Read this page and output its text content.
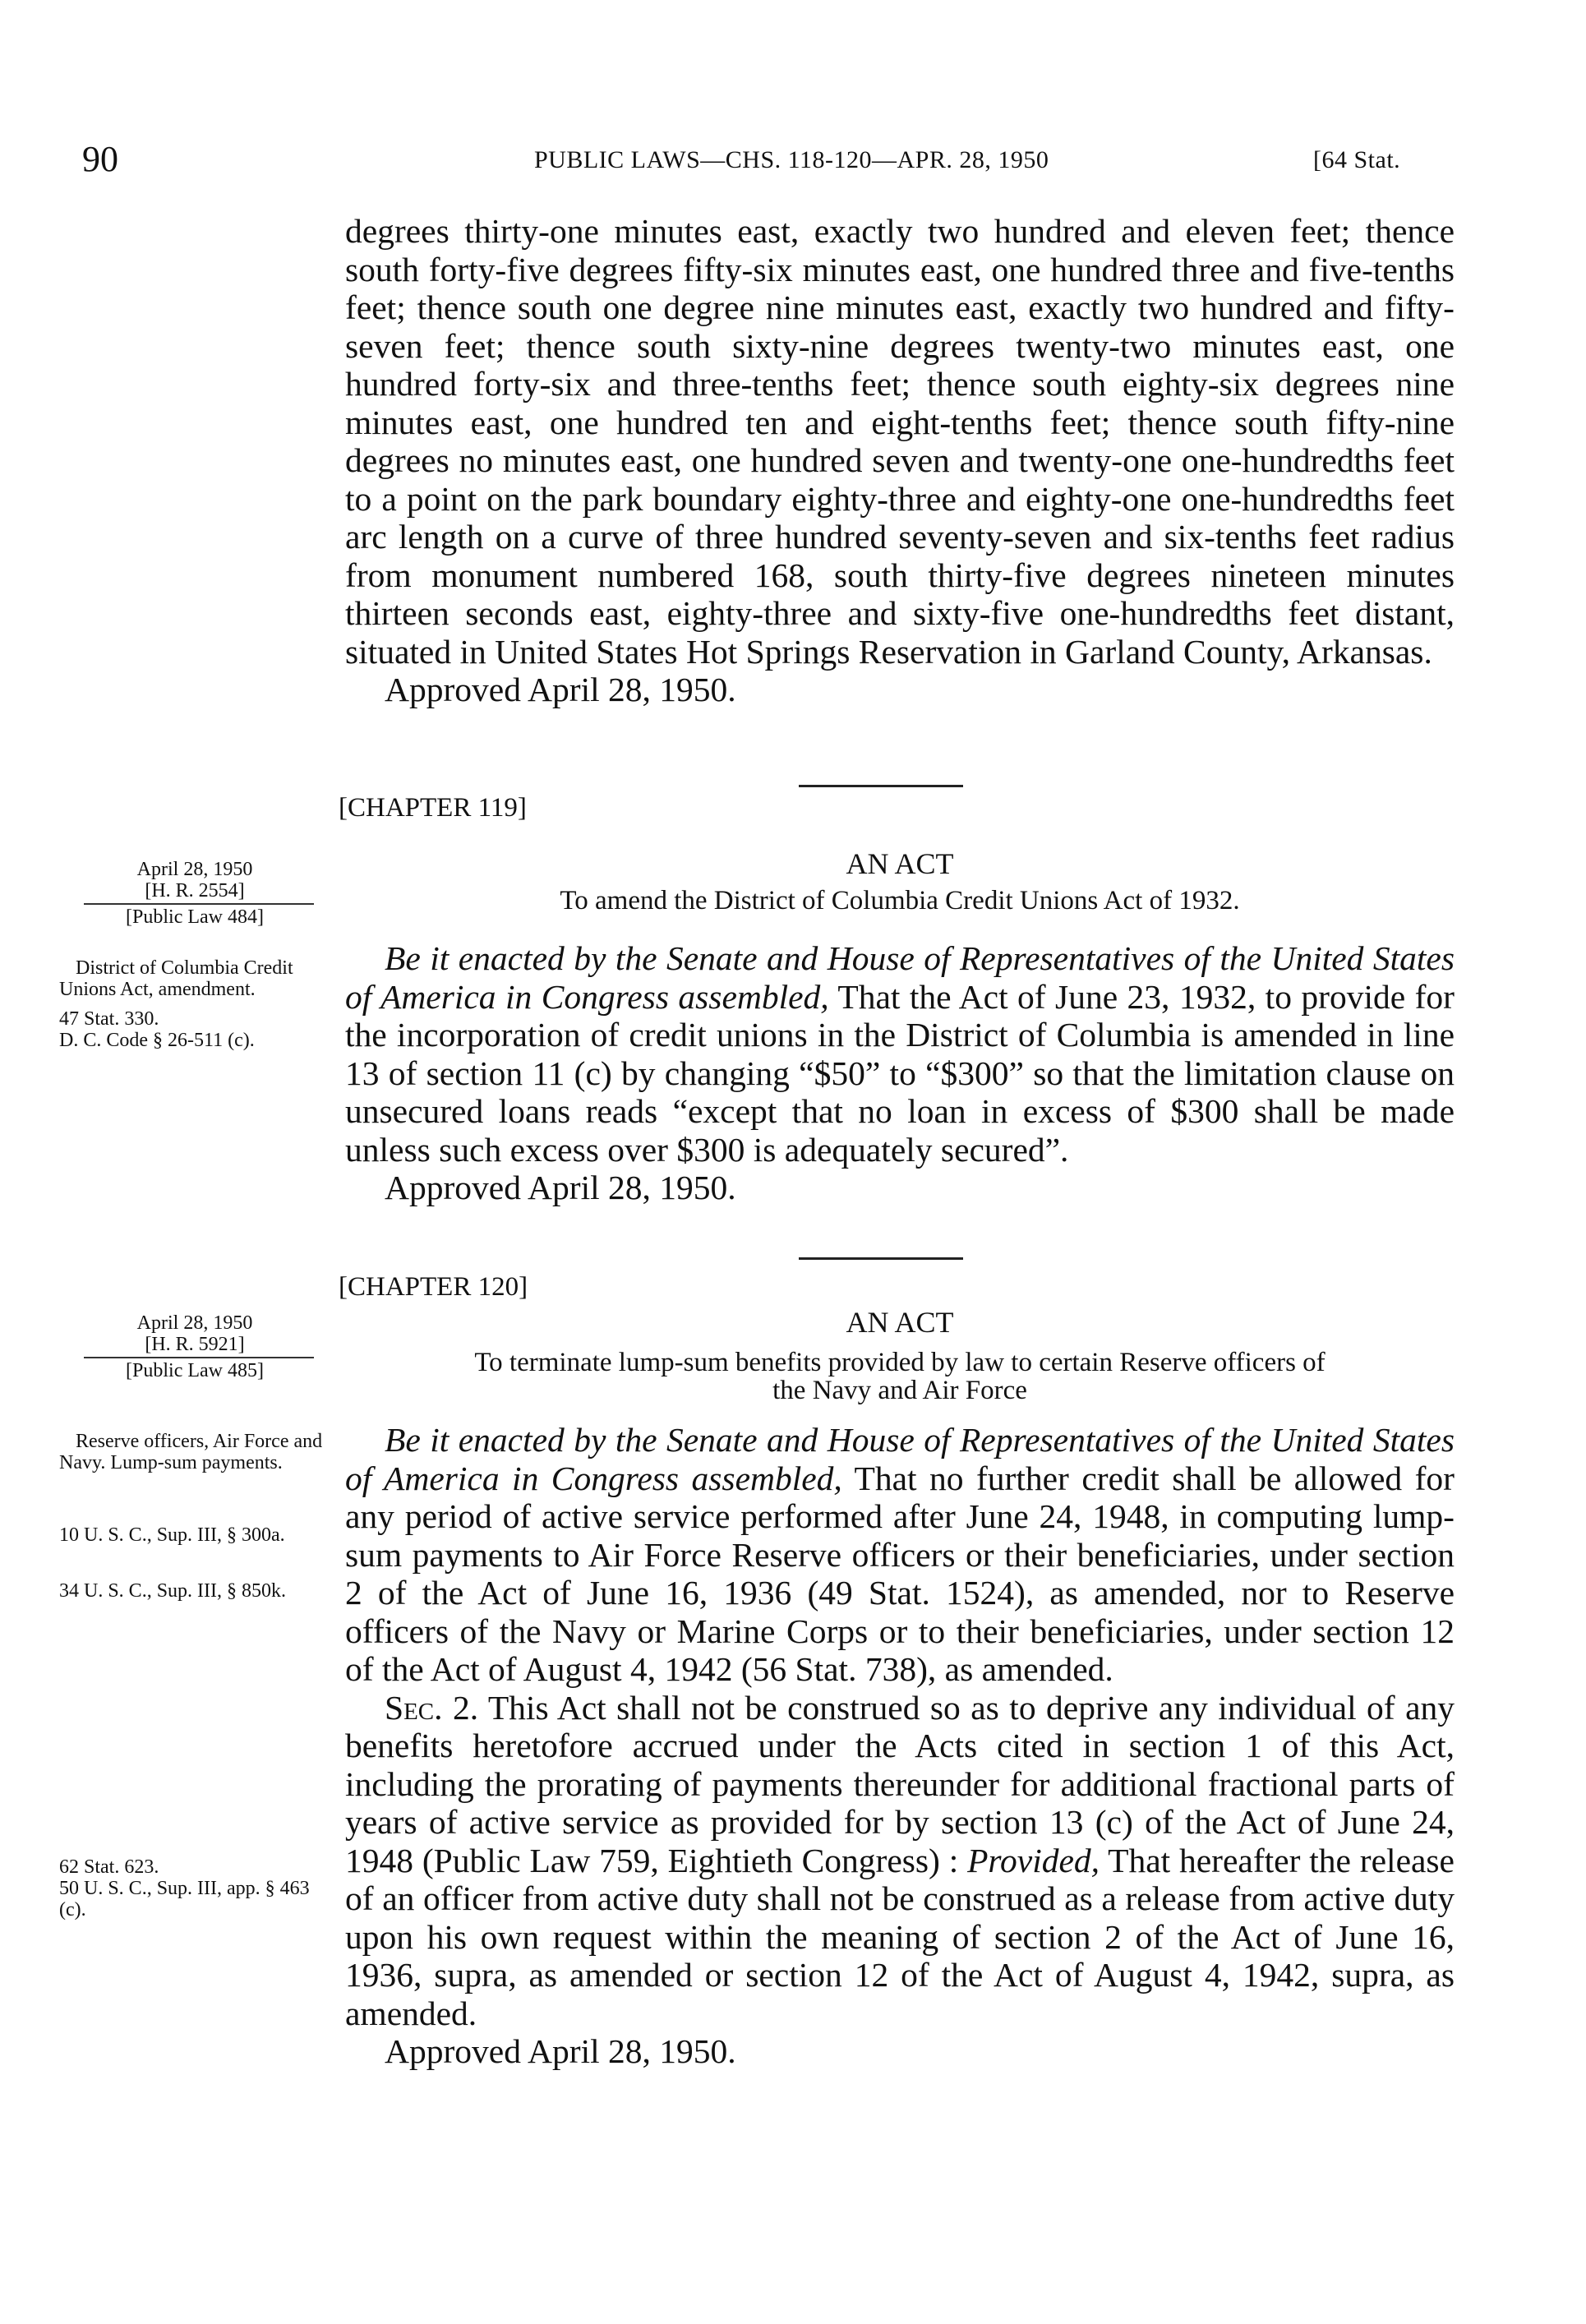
90	PUBLIC LAWS—CHS. 118-120—APR. 28, 1950	[64 Stat.

degrees thirty-one minutes east, exactly two hundred and eleven feet; thence south forty-five degrees fifty-six minutes east, one hundred three and five-tenths feet; thence south one degree nine minutes east, exactly two hundred and fifty-seven feet; thence south sixty-nine degrees twenty-two minutes east, one hundred forty-six and three-tenths feet; thence south eighty-six degrees nine minutes east, one hundred ten and eight-tenths feet; thence south fifty-nine degrees no minutes east, one hundred seven and twenty-one one-hundredths feet to a point on the park boundary eighty-three and eighty-one one-hundredths feet arc length on a curve of three hundred seventy-seven and six-tenths feet radius from monument numbered 168, south thirty-five degrees nineteen minutes thirteen seconds east, eighty-three and sixty-five one-hundredths feet distant, situated in United States Hot Springs Reservation in Garland County, Arkansas.

Approved April 28, 1950.

[CHAPTER 119]
AN ACT
To amend the District of Columbia Credit Unions Act of 1932.

April 28, 1950

[H. R. 2554]

[Public Law 484]

District of Columbia Credit Unions Act, amendment.

47 Stat. 330.

D. C. Code § 26-511 (c).

Be it enacted by the Senate and House of Representatives of the United States of America in Congress assembled, That the Act of June 23, 1932, to provide for the incorporation of credit unions in the District of Columbia is amended in line 13 of section 11 (c) by changing “$50” to “$300” so that the limitation clause on unsecured loans reads “except that no loan in excess of $300 shall be made unless such excess over $300 is adequately secured”.

Approved April 28, 1950.

[CHAPTER 120]
AN ACT
To terminate lump-sum benefits provided by law to certain Reserve officers of
the Navy and Air Force

April 28, 1950

[H. R. 5921]

[Public Law 485]

Reserve officers, Air Force and Navy. Lump-sum payments.

10 U. S. C., Sup. III, § 300a.

34 U. S. C., Sup. III, § 850k.

62 Stat. 623.

50 U. S. C., Sup. III, app. § 463 (c).

Be it enacted by the Senate and House of Representatives of the United States of America in Congress assembled, That no further credit shall be allowed for any period of active service performed after June 24, 1948, in computing lump-sum payments to Air Force Reserve officers or their beneficiaries, under section 2 of the Act of June 16, 1936 (49 Stat. 1524), as amended, nor to Reserve officers of the Navy or Marine Corps or to their beneficiaries, under section 12 of the Act of August 4, 1942 (56 Stat. 738), as amended.

Sec. 2. This Act shall not be construed so as to deprive any individual of any benefits heretofore accrued under the Acts cited in section 1 of this Act, including the prorating of payments thereunder for additional fractional parts of years of active service as provided for by section 13 (c) of the Act of June 24, 1948 (Public Law 759, Eightieth Congress) : Provided, That hereafter the release of an officer from active duty shall not be construed as a release from active duty upon his own request within the meaning of section 2 of the Act of June 16, 1936, supra, as amended or section 12 of the Act of August 4, 1942, supra, as amended.

Approved April 28, 1950.
